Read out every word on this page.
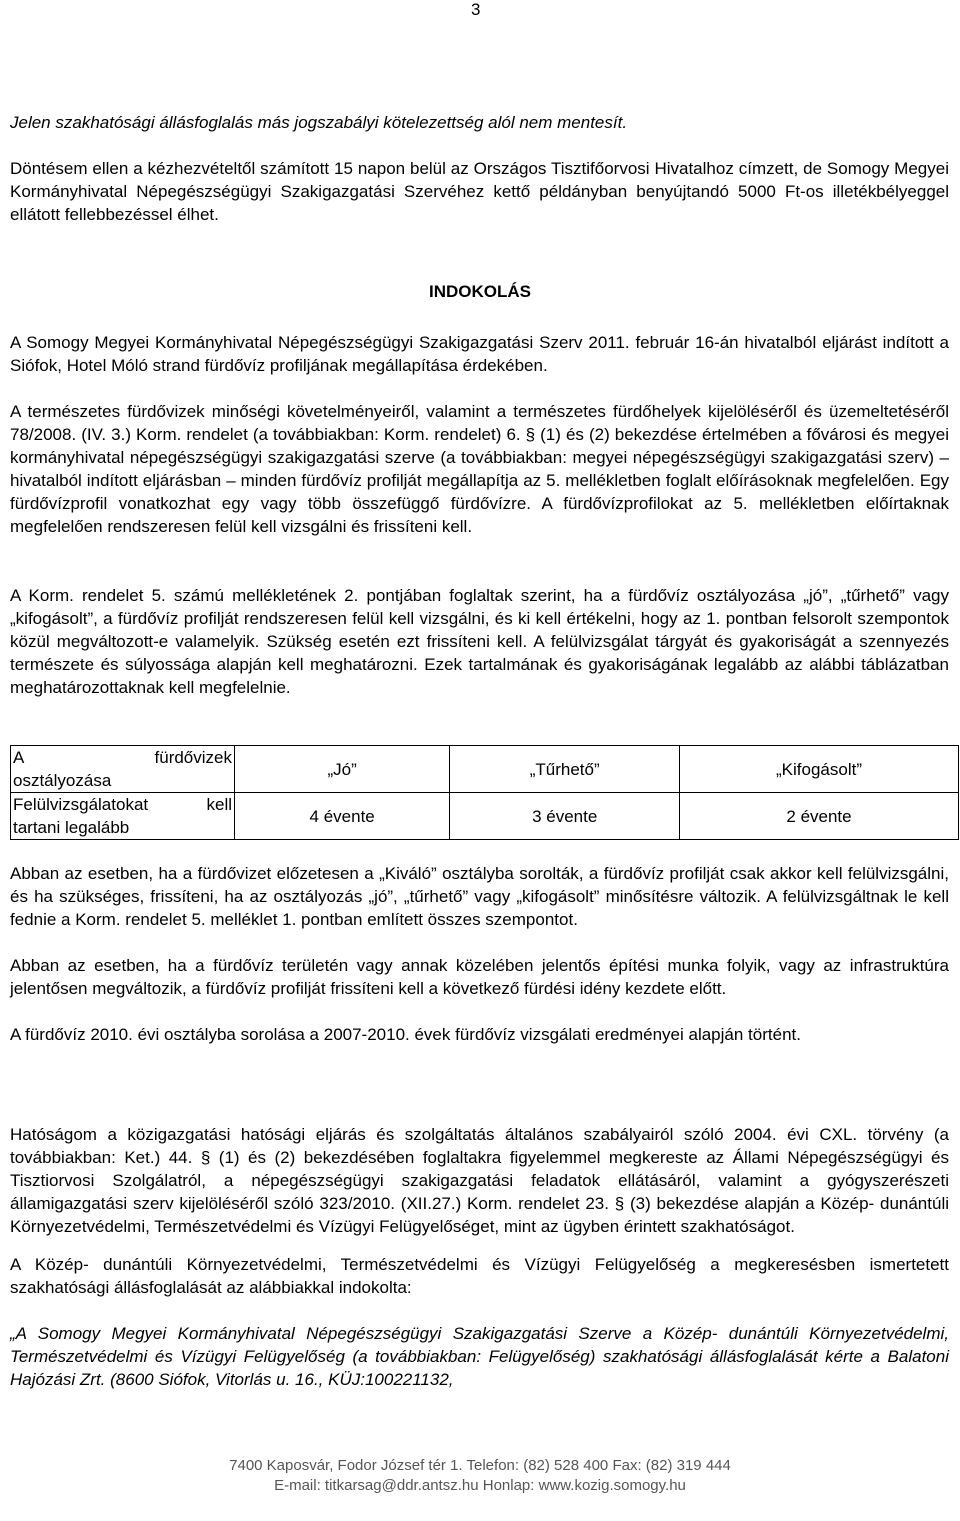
3

Jelen szakhatósági állásfoglalás más jogszabályi kötelezettség alól nem mentesít.

Döntésem ellen a kézhezvételtől számított 15 napon belül az Országos Tisztifőorvosi Hivatalhoz címzett, de Somogy Megyei Kormányhivatal Népegészségügyi Szakigazgatási Szervéhez kettő példányban benyújtandó 5000 Ft-os illetékbélyeggel ellátott fellebbezéssel élhet.

INDOKOLÁS

A Somogy Megyei Kormányhivatal Népegészségügyi Szakigazgatási Szerv 2011. február 16-án hivatalból eljárást indított a Siófok, Hotel Móló strand fürdővíz profiljának megállapítása érdekében.

A természetes fürdővizek minőségi követelményeiről, valamint a természetes fürdőhelyek kijelöléséről és üzemeltetéséről 78/2008. (IV. 3.) Korm. rendelet (a továbbiakban: Korm. rendelet) 6. § (1) és (2) bekezdése értelmében a fővárosi és megyei kormányhivatal népegészségügyi szakigazgatási szerve (a továbbiakban: megyei népegészségügyi szakigazgatási szerv) – hivatalból indított eljárásban – minden fürdővíz profilját megállapítja az 5. mellékletben foglalt előírásoknak megfelelően. Egy fürdővízprofil vonatkozhat egy vagy több összefüggő fürdővízre. A fürdővízprofilokat az 5. mellékletben előírtaknak megfelelően rendszeresen felül kell vizsgálni és frissíteni kell.

A Korm. rendelet 5. számú mellékletének 2. pontjában foglaltak szerint, ha a fürdővíz osztályozása „jó”, „tűrhető” vagy „kifogásolt”, a fürdővíz profilját rendszeresen felül kell vizsgálni, és ki kell értékelni, hogy az 1. pontban felsorolt szempontok közül megváltozott-e valamelyik. Szükség esetén ezt frissíteni kell. A felülvizsgálat tárgyát és gyakoriságát a szennyezés természete és súlyossága alapján kell meghatározni. Ezek tartalmának és gyakoriságának legalább az alábbi táblázatban meghatározottaknak kell megfelelnie.

A fürdővizek
osztályozása	„Jó”	„Tűrhető”	„Kifogásolt”

Felülvizsgálatokat kell
tartani legalább	4 évente	3 évente	2 évente

Abban az esetben, ha a fürdővizet előzetesen a „Kiváló” osztályba sorolták, a fürdővíz profilját csak akkor kell felülvizsgálni, és ha szükséges, frissíteni, ha az osztályozás „jó”, „tűrhető” vagy „kifogásolt” minősítésre változik. A felülvizsgáltnak le kell fednie a Korm. rendelet 5. melléklet 1. pontban említett összes szempontot.

Abban az esetben, ha a fürdővíz területén vagy annak közelében jelentős építési munka folyik, vagy az infrastruktúra jelentősen megváltozik, a fürdővíz profilját frissíteni kell a következő fürdési idény kezdete előtt.

A fürdővíz 2010. évi osztályba sorolása a 2007-2010. évek fürdővíz vizsgálati eredményei alapján történt.

Hatóságom a közigazgatási hatósági eljárás és szolgáltatás általános szabályairól szóló 2004. évi CXL. törvény (a továbbiakban: Ket.) 44. § (1) és (2) bekezdésében foglaltakra figyelemmel megkereste az Állami Népegészségügyi és Tisztiorvosi Szolgálatról, a népegészségügyi szakigazgatási feladatok ellátásáról, valamint a gyógyszerészeti államigazgatási szerv kijelöléséről szóló 323/2010. (XII.27.) Korm. rendelet 23. § (3) bekezdése alapján a Közép- dunántúli Környezetvédelmi, Természetvédelmi és Vízügyi Felügyelőséget, mint az ügyben érintett szakhatóságot.

A Közép- dunántúli Környezetvédelmi, Természetvédelmi és Vízügyi Felügyelőség a megkeresésben ismertetett szakhatósági állásfoglalását az alábbiakkal indokolta:

„A Somogy Megyei Kormányhivatal Népegészségügyi Szakigazgatási Szerve a Közép- dunántúli Környezetvédelmi, Természetvédelmi és Vízügyi Felügyelőség (a továbbiakban: Felügyelőség) szakhatósági állásfoglalását kérte a Balatoni Hajózási Zrt. (8600 Siófok, Vitorlás u. 16., KÜJ:100221132,

7400 Kaposvár, Fodor József tér 1. Telefon: (82) 528 400 Fax: (82) 319 444
E-mail: titkarsag@ddr.antsz.hu Honlap: www.kozig.somogy.hu
